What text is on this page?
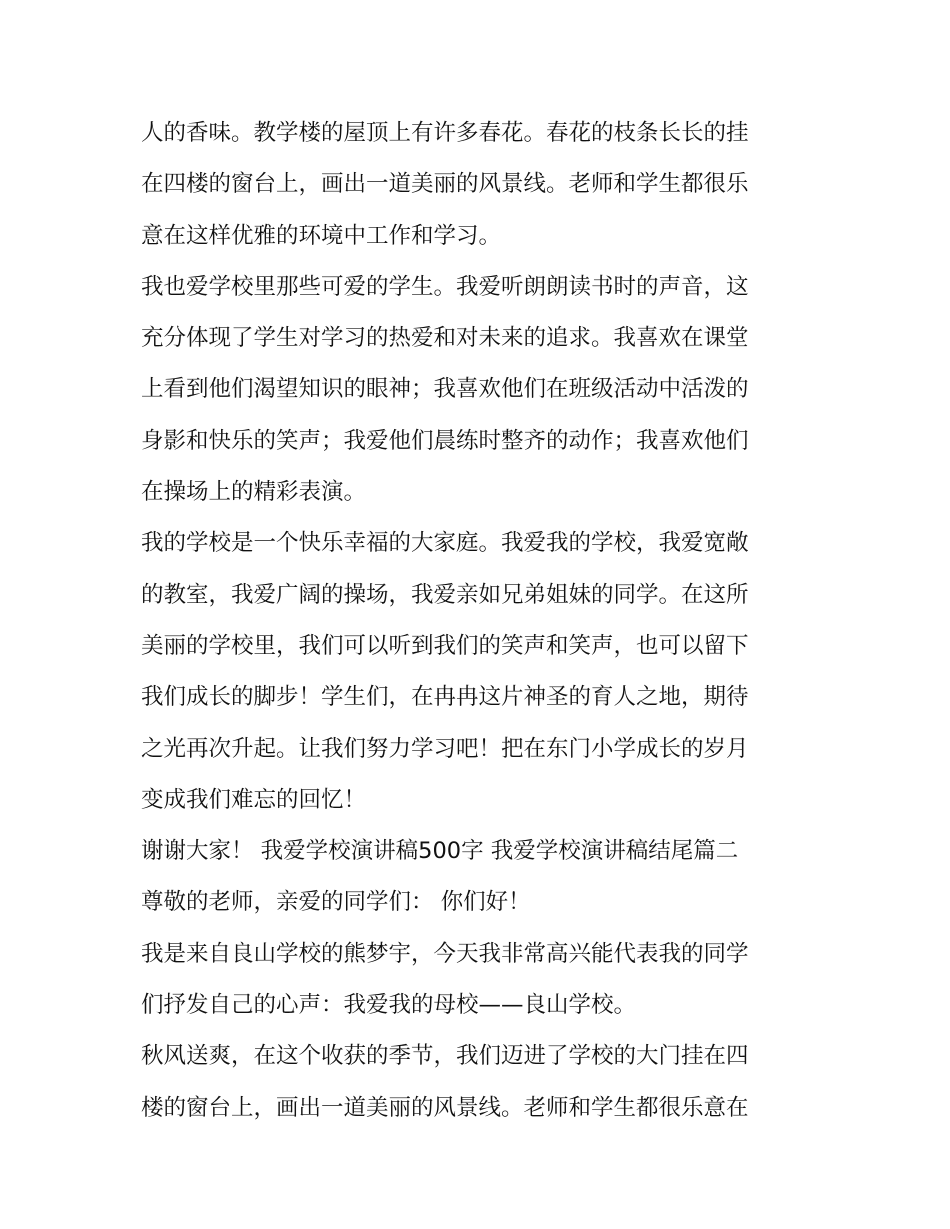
人的香味。教学楼的屋顶上有许多春花。春花的枝条长长的挂
在四楼的窗台上，画出一道美丽的风景线。老师和学生都很乐
意在这样优雅的环境中工作和学习。
我也爱学校里那些可爱的学生。我爱听朗朗读书时的声音，这
充分体现了学生对学习的热爱和对未来的追求。我喜欢在课堂
上看到他们渴望知识的眼神；我喜欢他们在班级活动中活泼的
身影和快乐的笑声；我爱他们晨练时整齐的动作；我喜欢他们
在操场上的精彩表演。
我的学校是一个快乐幸福的大家庭。我爱我的学校，我爱宽敞
的教室，我爱广阔的操场，我爱亲如兄弟姐妹的同学。在这所
美丽的学校里，我们可以听到我们的笑声和笑声，也可以留下
我们成长的脚步！学生们，在冉冉这片神圣的育人之地，期待
之光再次升起。让我们努力学习吧！把在东门小学成长的岁月
变成我们难忘的回忆！
谢谢大家！ 我爱学校演讲稿500字 我爱学校演讲稿结尾篇二
尊敬的老师，亲爱的同学们： 你们好！
我是来自良山学校的熊梦宇，今天我非常高兴能代表我的同学
们抒发自己的心声：我爱我的母校——良山学校。
秋风送爽，在这个收获的季节，我们迈进了学校的大门挂在四
楼的窗台上，画出一道美丽的风景线。老师和学生都很乐意在
